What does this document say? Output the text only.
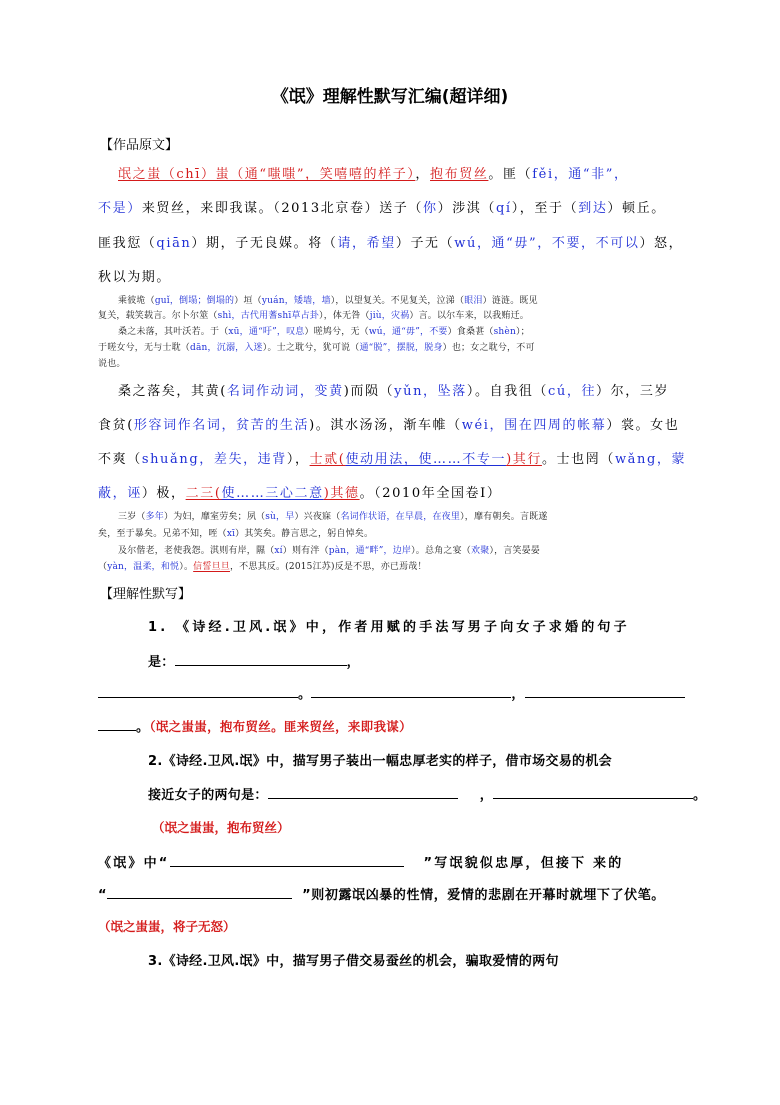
《氓》理解性默写汇编(超详细)
【作品原文】
氓之蚩（chī）蚩（通“嗤嗤”，笑嘻嘻的样子），抱布贸丝。匪（fěi，通“非”，
不是）来贸丝，来即我谋。（2013北京卷）送子（你）涉淇（qí），至于（到达）顿丘。
匪我愆（qiān）期，子无良媒。将（请，希望）子无（wú，通“毋”，不要，不可以）怒，
秋以为期。
乘彼垝（guǐ，倒塌；倒塌的）垣（yuán，矮墙，墙），以望复关。不见复关，泣涕（眼泪）涟涟。既见
复关，载笑载言。尔卜尔筮（shì，古代用蓍shī草占卦），体无咎（jiù，灾祸）言。以尔车来，以我贿迁。
桑之未落，其叶沃若。于（xū，通“吁”，叹息）嗟鸠兮，无（wú，通“毋”，不要）食桑葚（shèn）；
于嗟女兮，无与士耽（dān，沉溺，入迷）。士之耽兮，犹可说（通“脱”，摆脱，脱身）也；女之耽兮，不可
说也。
桑之落矣，其黄(名词作动词，变黄)而陨（yǔn，坠落）。自我徂（cú，往）尔，三岁
食贫(形容词作名词，贫苦的生活)。淇水汤汤，渐车帷（wéi，围在四周的帐幕）裳。女也
不爽（shuǎng，差失，违背），士贰(使动用法，使……不专一)其行。士也罔（wǎng，蒙
蔽，诬）极，二三(使……三心二意)其德。（2010年全国卷Ⅰ）
三岁（多年）为妇，靡室劳矣；夙（sù，早）兴夜寐（名词作状语，在早晨，在夜里），靡有朝矣。言既遂
矣，至于暴矣。兄弟不知，咥（xī）其笑矣。静言思之，躬自悼矣。
及尔偕老，老使我怨。淇则有岸，隰（xí）则有泮（pàn，通“畔”，边岸）。总角之宴（欢聚），言笑晏晏
（yàn，温柔，和悦）。信誓旦旦，不思其反。(2015江苏)反是不思，亦已焉哉！
【理解性默写】
1. 《诗经.卫风.氓》中，作者用赋的手法写男子向女子求婚的句子
是：	，
。	，
。（氓之蚩蚩，抱布贸丝。匪来贸丝，来即我谋）
2.《诗经.卫风.氓》中，描写男子装出一幅忠厚老实的样子，借市场交易的机会
接近女子的两句是：	，	。
（氓之蚩蚩，抱布贸丝）
《氓》中“	”写氓貌似忠厚，但接下 来的
“	”则初露氓凶暴的性情，爱情的悲剧在开幕时就埋下了伏笔。
（氓之蚩蚩，将子无怒）
3.《诗经.卫风.氓》中，描写男子借交易蚕丝的机会，骗取爱情的两句
